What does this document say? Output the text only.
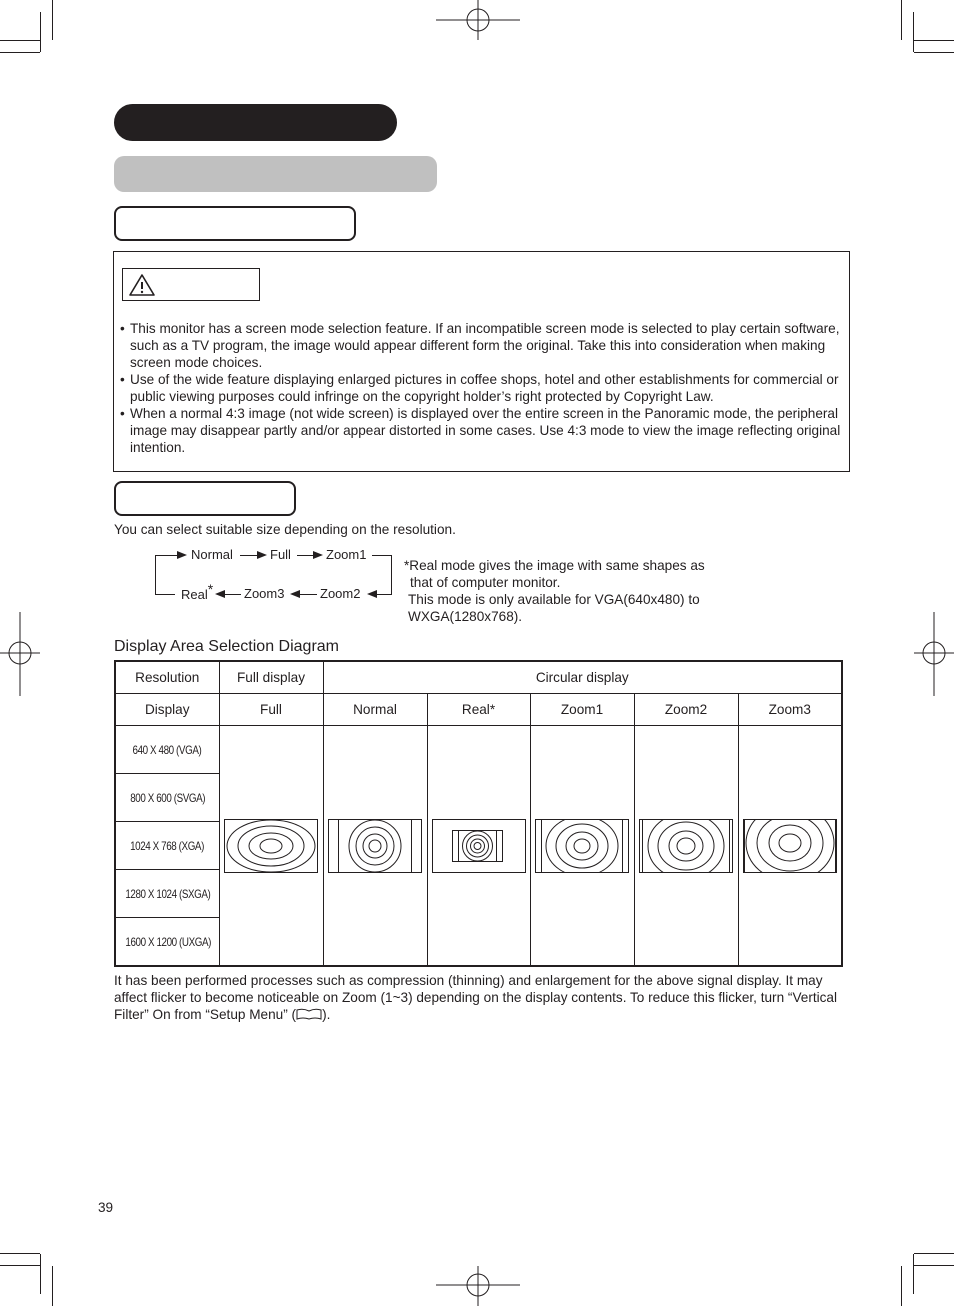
• This monitor has a screen mode selection feature. If an incompatible screen mode is selected to play certain software, such as a TV program, the image would appear different form the original. Take this into consideration when making screen mode choices.
• Use of the wide feature displaying enlarged pictures in coffee shops, hotel and other establishments for commercial or public viewing purposes could infringe on the copyright holder’s right protected by Copyright Law.
• When a normal 4:3 image (not wide screen) is displayed over the entire screen in the Panoramic mode, the peripheral image may disappear partly and/or appear distorted in some cases. Use 4:3 mode to view the image reflecting original intention.
You can select suitable size depending on the resolution.
Normal	Full	Zoom1
Zoom2
Zoom3
Real*
*Real mode gives the image with same shapes as
that of computer monitor.
This mode is only available for VGA(640x480) to
WXGA(1280x768).
Display Area Selection Diagram
Resolution	Full display	Circular display				
Display	Full	Normal	Real*	Zoom1	Zoom2	Zoom3
640 X 480 (VGA)	

800 X 600 (SVGA)						
1024 X 768 (XGA)						
1280 X 1024 (SXGA)						
1600 X 1200 (UXGA)						
It has been performed processes such as compression (thinning) and enlargement for the above signal display. It may affect flicker to become noticeable on Zoom (1~3) depending on the display contents. To reduce this flicker, turn “Vertical Filter” On from “Setup Menu” ( ).
39
